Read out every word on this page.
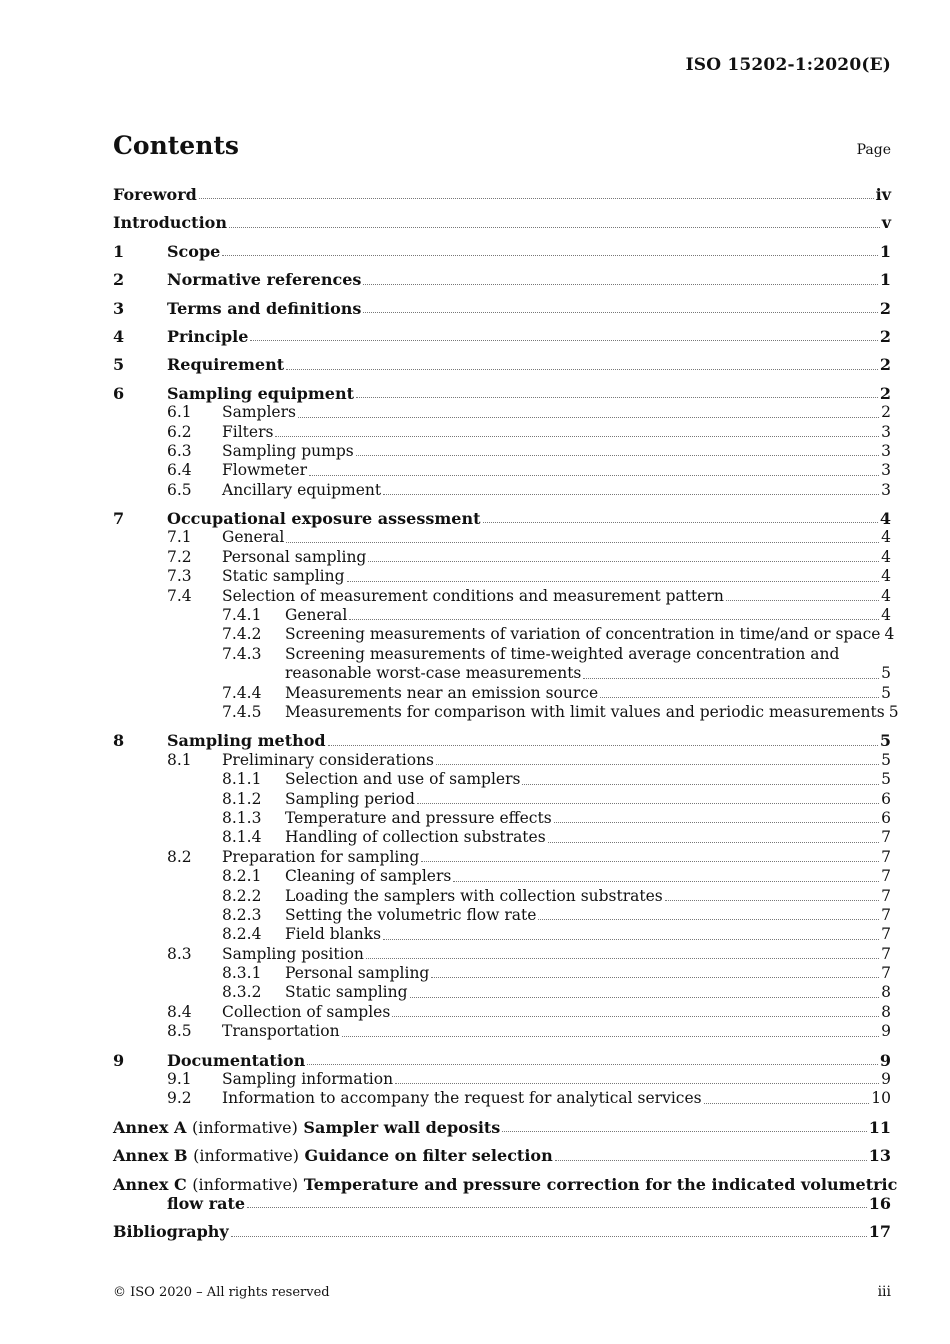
ISO 15202-1:2020(E)
Contents	Page
Foreword	iv
Introduction	v
1	Scope	1
2	Normative references	1
3	Terms and definitions	2
4	Principle	2
5	Requirement	2
6	Sampling equipment	2
6.1 Samplers	2
6.2 Filters	3
6.3 Sampling pumps	3
6.4 Flowmeter	3
6.5 Ancillary equipment	3
7	Occupational exposure assessment	4
7.1 General	4
7.2 Personal sampling	4
7.3 Static sampling	4
7.4 Selection of measurement conditions and measurement pattern	4
7.4.1 General	4
7.4.2 Screening measurements of variation of concentration in time/and or space 4
7.4.3 Screening measurements of time-weighted average concentration and
reasonable worst-case measurements	5
7.4.4 Measurements near an emission source	5
7.4.5 Measurements for comparison with limit values and periodic measurements 5
8	Sampling method	5
8.1 Preliminary considerations	5
8.1.1 Selection and use of samplers	5
8.1.2 Sampling period	6
8.1.3 Temperature and pressure effects	6
8.1.4 Handling of collection substrates	7
8.2 Preparation for sampling	7
8.2.1 Cleaning of samplers	7
8.2.2 Loading the samplers with collection substrates	7
8.2.3 Setting the volumetric flow rate	7
8.2.4 Field blanks	7
8.3 Sampling position	7
8.3.1 Personal sampling	7
8.3.2 Static sampling	8
8.4 Collection of samples	8
8.5 Transportation	9
9	Documentation	9
9.1 Sampling information	9
9.2 Information to accompany the request for analytical services	10
Annex A (informative) Sampler wall deposits	11
Annex B (informative) Guidance on filter selection	13
Annex C (informative) Temperature and pressure correction for the indicated volumetric
flow rate	16
Bibliography	17
© ISO 2020 – All rights reserved	iii
